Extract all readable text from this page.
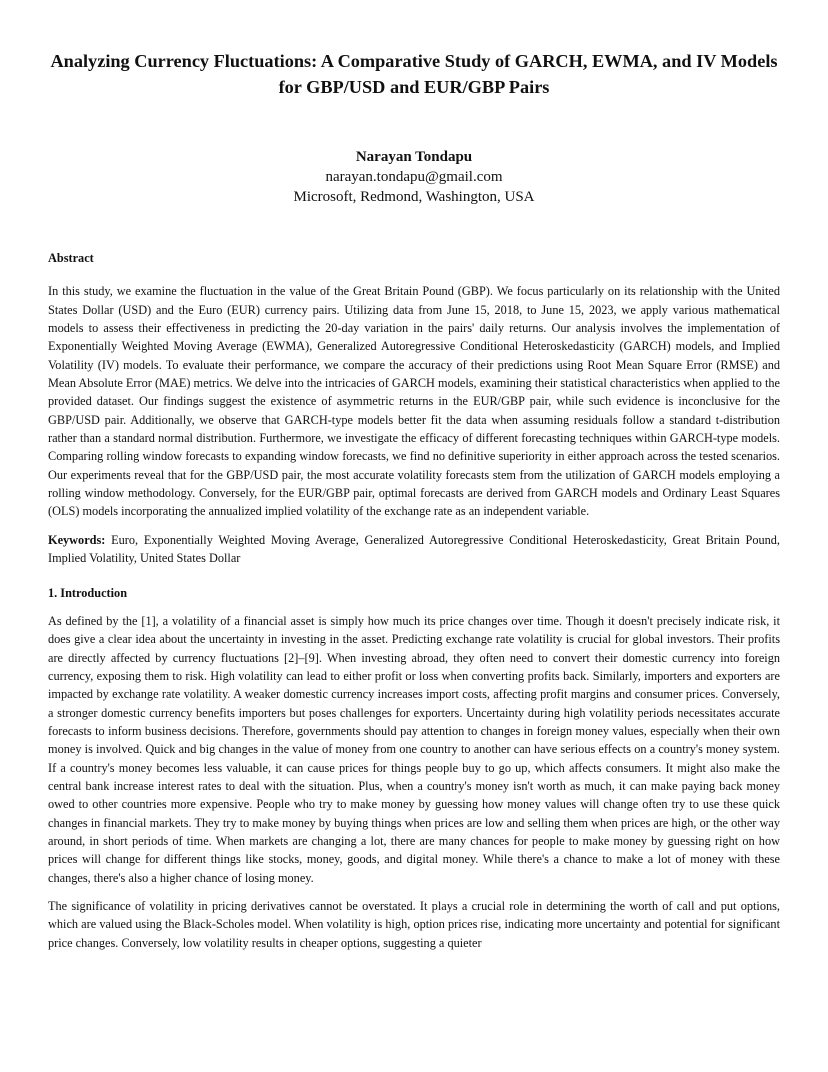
Analyzing Currency Fluctuations: A Comparative Study of GARCH, EWMA, and IV Models for GBP/USD and EUR/GBP Pairs
Narayan Tondapu
narayan.tondapu@gmail.com
Microsoft, Redmond, Washington, USA
Abstract

In this study, we examine the fluctuation in the value of the Great Britain Pound (GBP). We focus particularly on its relationship with the United States Dollar (USD) and the Euro (EUR) currency pairs. Utilizing data from June 15, 2018, to June 15, 2023, we apply various mathematical models to assess their effectiveness in predicting the 20-day variation in the pairs' daily returns. Our analysis involves the implementation of Exponentially Weighted Moving Average (EWMA), Generalized Autoregressive Conditional Heteroskedasticity (GARCH) models, and Implied Volatility (IV) models. To evaluate their performance, we compare the accuracy of their predictions using Root Mean Square Error (RMSE) and Mean Absolute Error (MAE) metrics. We delve into the intricacies of GARCH models, examining their statistical characteristics when applied to the provided dataset. Our findings suggest the existence of asymmetric returns in the EUR/GBP pair, while such evidence is inconclusive for the GBP/USD pair. Additionally, we observe that GARCH-type models better fit the data when assuming residuals follow a standard t-distribution rather than a standard normal distribution. Furthermore, we investigate the efficacy of different forecasting techniques within GARCH-type models. Comparing rolling window forecasts to expanding window forecasts, we find no definitive superiority in either approach across the tested scenarios. Our experiments reveal that for the GBP/USD pair, the most accurate volatility forecasts stem from the utilization of GARCH models employing a rolling window methodology. Conversely, for the EUR/GBP pair, optimal forecasts are derived from GARCH models and Ordinary Least Squares (OLS) models incorporating the annualized implied volatility of the exchange rate as an independent variable.

Keywords: Euro, Exponentially Weighted Moving Average, Generalized Autoregressive Conditional Heteroskedasticity, Great Britain Pound, Implied Volatility, United States Dollar

1. Introduction

As defined by the [1], a volatility of a financial asset is simply how much its price changes over time. Though it doesn't precisely indicate risk, it does give a clear idea about the uncertainty in investing in the asset. Predicting exchange rate volatility is crucial for global investors. Their profits are directly affected by currency fluctuations [2]–[9]. When investing abroad, they often need to convert their domestic currency into foreign currency, exposing them to risk. High volatility can lead to either profit or loss when converting profits back. Similarly, importers and exporters are impacted by exchange rate volatility. A weaker domestic currency increases import costs, affecting profit margins and consumer prices. Conversely, a stronger domestic currency benefits importers but poses challenges for exporters. Uncertainty during high volatility periods necessitates accurate forecasts to inform business decisions. Therefore, governments should pay attention to changes in foreign money values, especially when their own money is involved. Quick and big changes in the value of money from one country to another can have serious effects on a country's money system. If a country's money becomes less valuable, it can cause prices for things people buy to go up, which affects consumers. It might also make the central bank increase interest rates to deal with the situation. Plus, when a country's money isn't worth as much, it can make paying back money owed to other countries more expensive. People who try to make money by guessing how money values will change often try to use these quick changes in financial markets. They try to make money by buying things when prices are low and selling them when prices are high, or the other way around, in short periods of time. When markets are changing a lot, there are many chances for people to make money by guessing right on how prices will change for different things like stocks, money, goods, and digital money. While there's a chance to make a lot of money with these changes, there's also a higher chance of losing money.

The significance of volatility in pricing derivatives cannot be overstated. It plays a crucial role in determining the worth of call and put options, which are valued using the Black-Scholes model. When volatility is high, option prices rise, indicating more uncertainty and potential for significant price changes. Conversely, low volatility results in cheaper options, suggesting a quieter
